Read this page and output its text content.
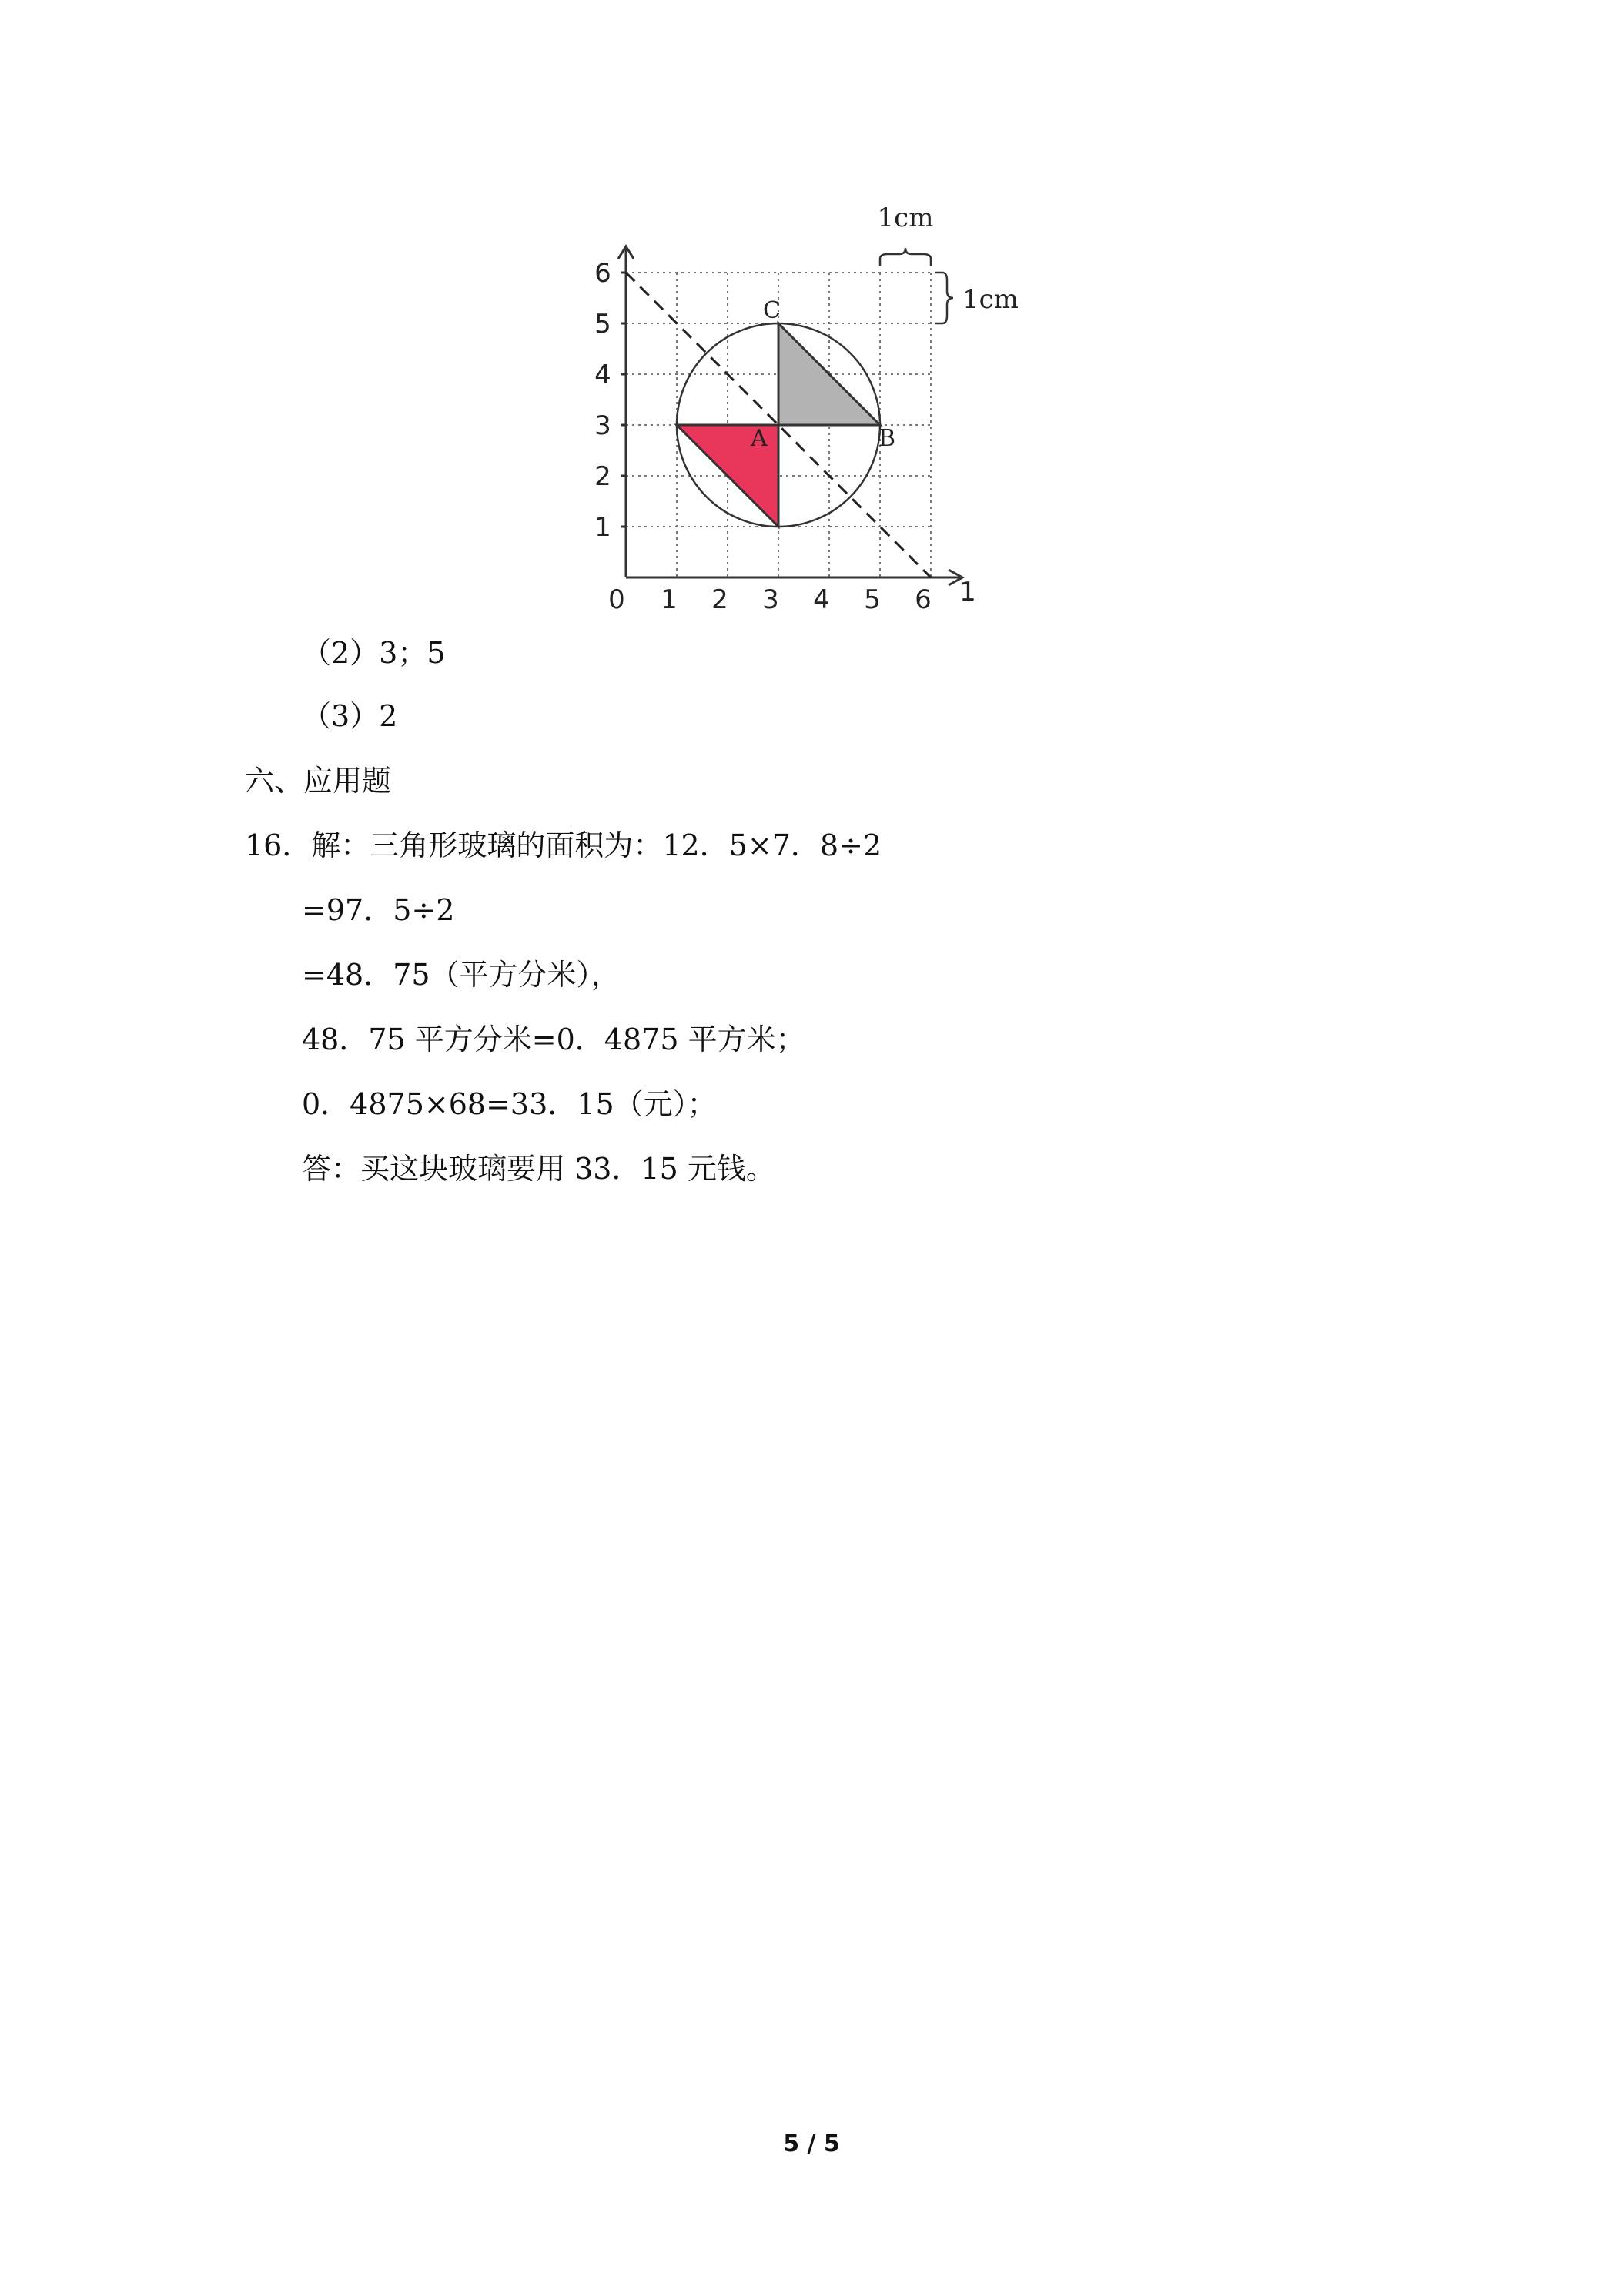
0 1 2 3 4 5 6 1
1
2
3
4
5
6
A	B
C
1cm
1cm
（2）3；5
（3）2
六、应用题
16．解：三角形玻璃的面积为：12．5×7．8÷2
=97．5÷2
=48．75（平方分米），
48．75 平方分米=0．4875 平方米；
0．4875×68=33．15（元）；
答：买这块玻璃要用 33．15 元钱。
5 / 5
